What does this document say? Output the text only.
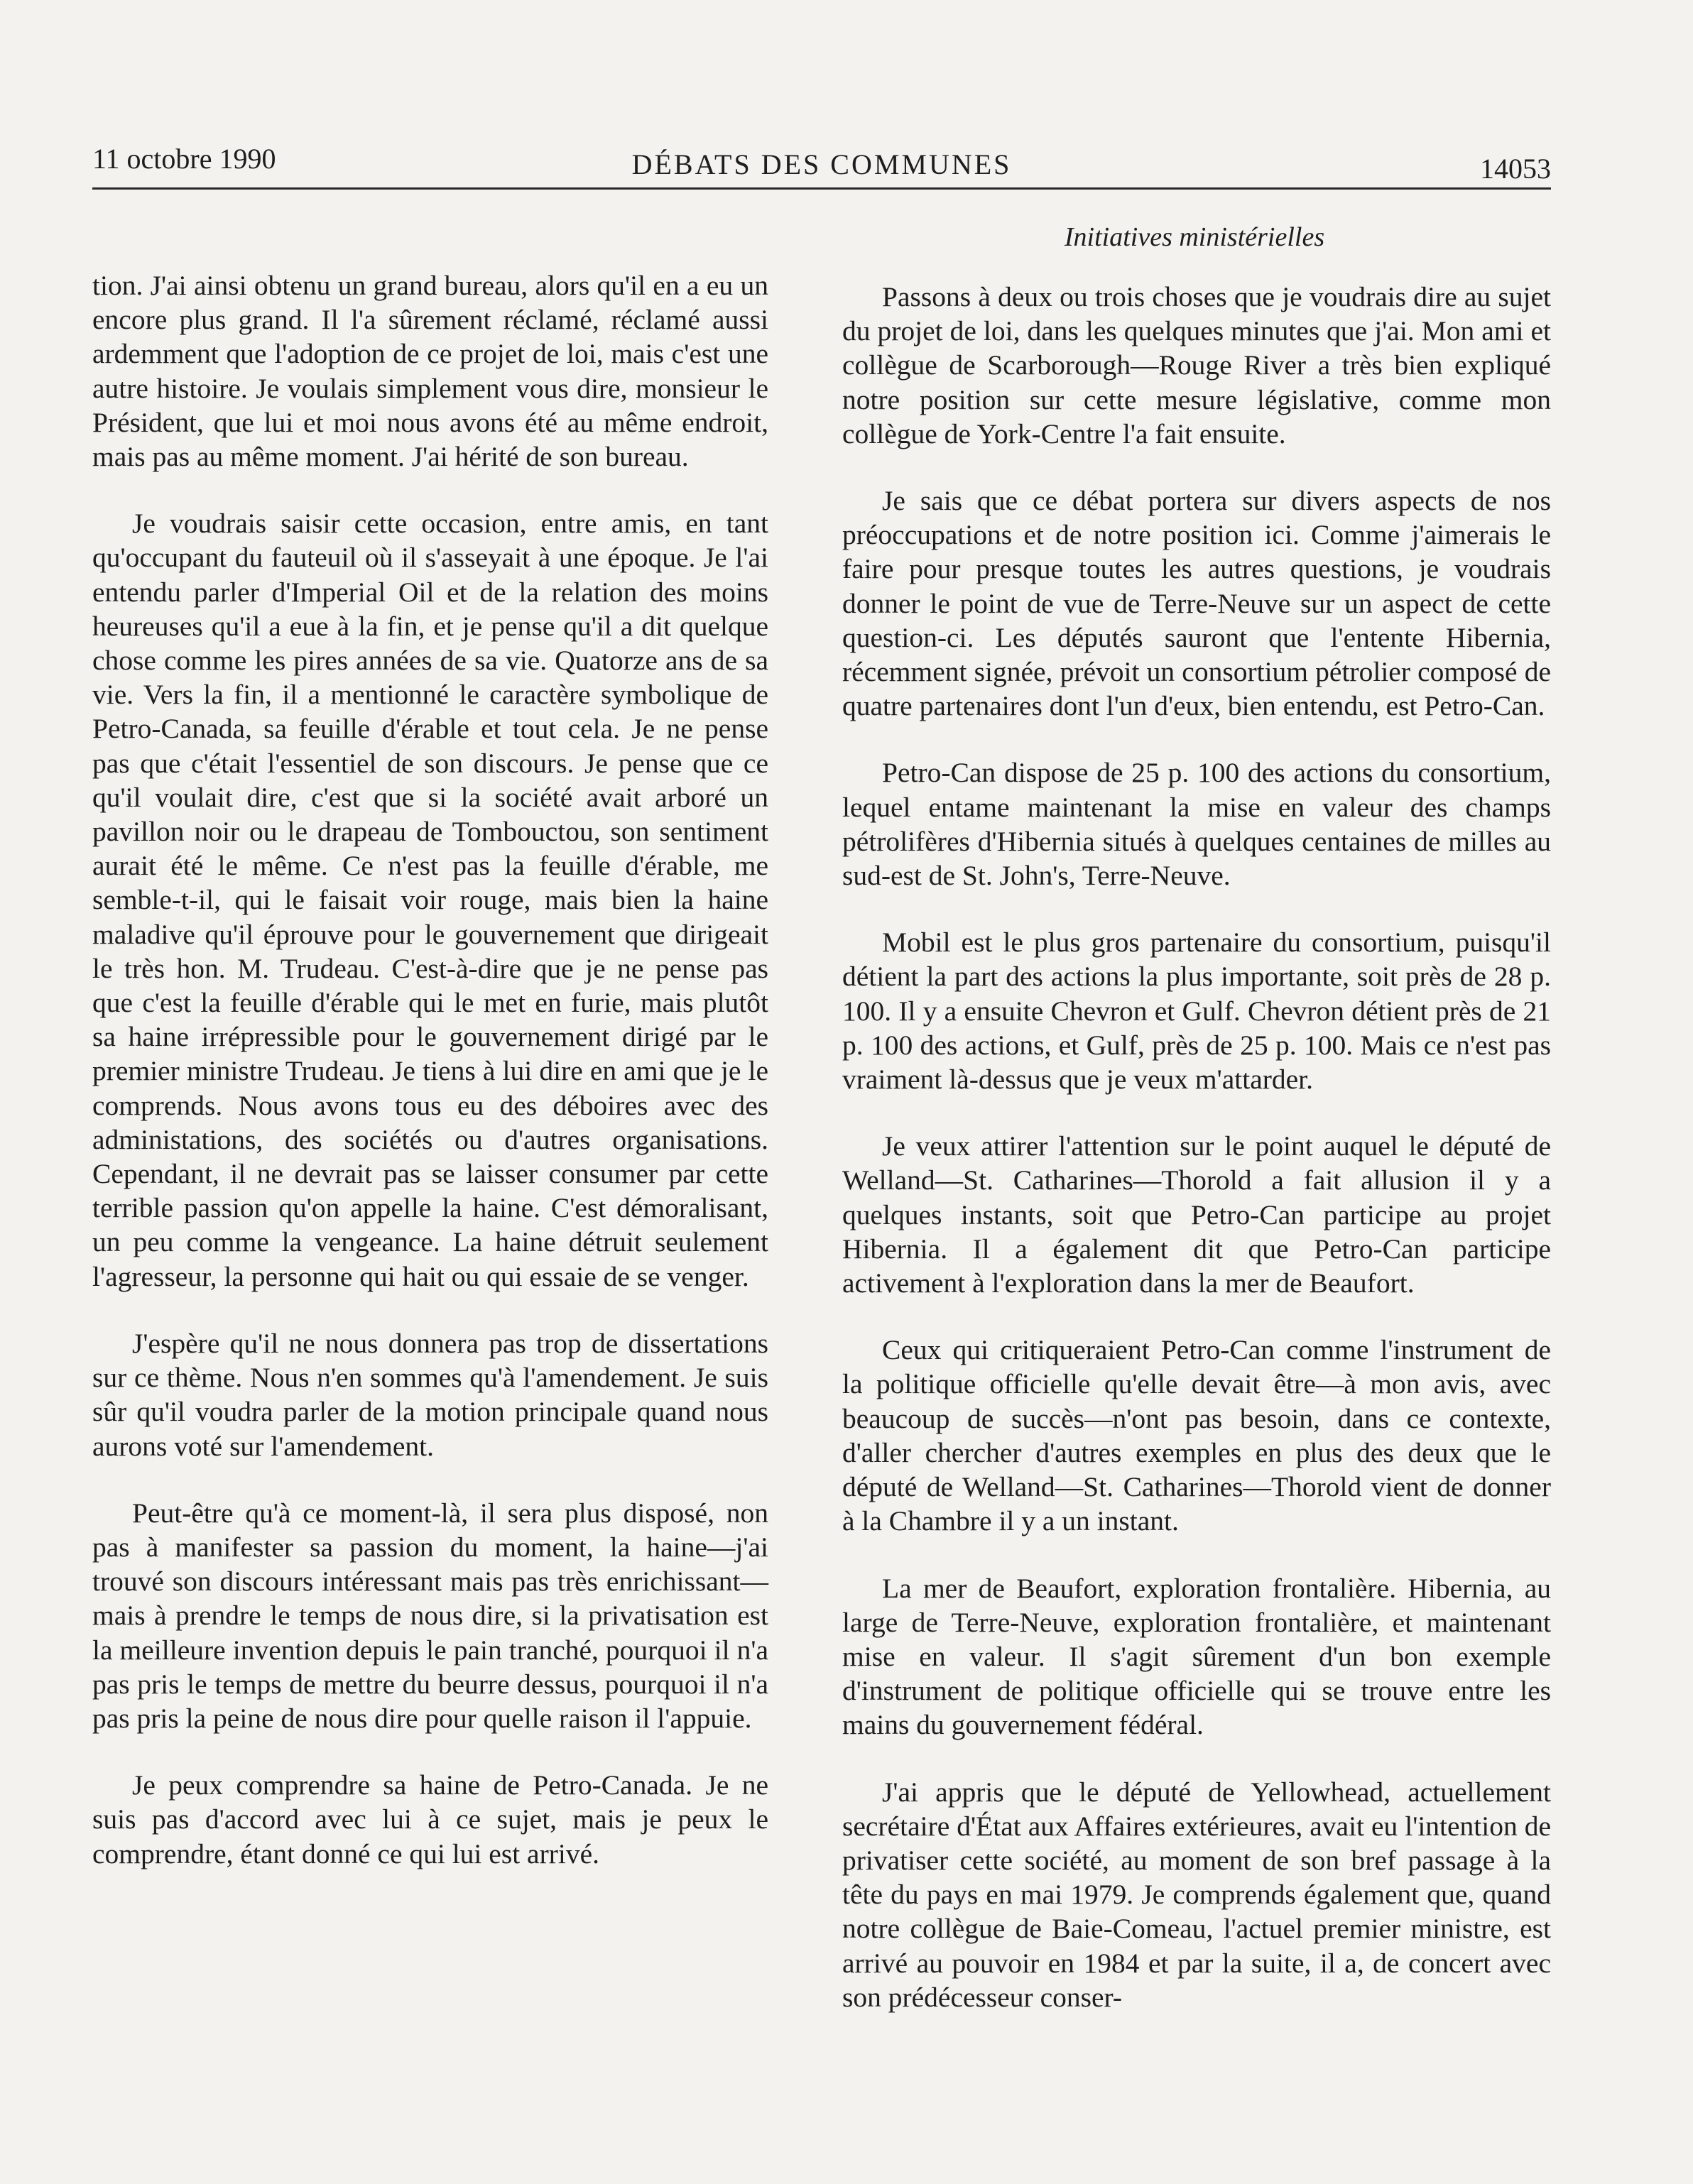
11 octobre 1990	DÉBATS DES COMMUNES	14053
Initiatives ministérielles

tion. J'ai ainsi obtenu un grand bureau, alors qu'il en a eu un encore plus grand. Il l'a sûrement réclamé, réclamé aussi ardemment que l'adoption de ce projet de loi, mais c'est une autre histoire. Je voulais simplement vous dire, monsieur le Président, que lui et moi nous avons été au même endroit, mais pas au même moment. J'ai hérité de son bureau.

Je voudrais saisir cette occasion, entre amis, en tant qu'occupant du fauteuil où il s'asseyait à une époque. Je l'ai entendu parler d'Imperial Oil et de la relation des moins heureuses qu'il a eue à la fin, et je pense qu'il a dit quelque chose comme les pires années de sa vie. Quatorze ans de sa vie. Vers la fin, il a mentionné le caractère symbolique de Petro-Canada, sa feuille d'érable et tout cela. Je ne pense pas que c'était l'essentiel de son discours. Je pense que ce qu'il voulait dire, c'est que si la société avait arboré un pavillon noir ou le drapeau de Tombouctou, son sentiment aurait été le même. Ce n'est pas la feuille d'érable, me semble-t-il, qui le faisait voir rouge, mais bien la haine maladive qu'il éprouve pour le gouvernement que dirigeait le très hon. M. Trudeau. C'est-à-dire que je ne pense pas que c'est la feuille d'érable qui le met en furie, mais plutôt sa haine irrépressible pour le gouvernement dirigé par le premier ministre Trudeau. Je tiens à lui dire en ami que je le comprends. Nous avons tous eu des déboires avec des administations, des sociétés ou d'autres organisations. Cependant, il ne devrait pas se laisser consumer par cette terrible passion qu'on appelle la haine. C'est démoralisant, un peu comme la vengeance. La haine détruit seulement l'agresseur, la personne qui hait ou qui essaie de se venger.

J'espère qu'il ne nous donnera pas trop de dissertations sur ce thème. Nous n'en sommes qu'à l'amendement. Je suis sûr qu'il voudra parler de la motion principale quand nous aurons voté sur l'amendement.

Peut-être qu'à ce moment-là, il sera plus disposé, non pas à manifester sa passion du moment, la haine—j'ai trouvé son discours intéressant mais pas très enrichissant—mais à prendre le temps de nous dire, si la privatisation est la meilleure invention depuis le pain tranché, pourquoi il n'a pas pris le temps de mettre du beurre dessus, pourquoi il n'a pas pris la peine de nous dire pour quelle raison il l'appuie.

Je peux comprendre sa haine de Petro-Canada. Je ne suis pas d'accord avec lui à ce sujet, mais je peux le comprendre, étant donné ce qui lui est arrivé.

Passons à deux ou trois choses que je voudrais dire au sujet du projet de loi, dans les quelques minutes que j'ai. Mon ami et collègue de Scarborough—Rouge River a très bien expliqué notre position sur cette mesure législative, comme mon collègue de York-Centre l'a fait ensuite.

Je sais que ce débat portera sur divers aspects de nos préoccupations et de notre position ici. Comme j'aimerais le faire pour presque toutes les autres questions, je voudrais donner le point de vue de Terre-Neuve sur un aspect de cette question-ci. Les députés sauront que l'entente Hibernia, récemment signée, prévoit un consortium pétrolier composé de quatre partenaires dont l'un d'eux, bien entendu, est Petro-Can.

Petro-Can dispose de 25 p. 100 des actions du consortium, lequel entame maintenant la mise en valeur des champs pétrolifères d'Hibernia situés à quelques centaines de milles au sud-est de St. John's, Terre-Neuve.

Mobil est le plus gros partenaire du consortium, puisqu'il détient la part des actions la plus importante, soit près de 28 p. 100. Il y a ensuite Chevron et Gulf. Chevron détient près de 21 p. 100 des actions, et Gulf, près de 25 p. 100. Mais ce n'est pas vraiment là-dessus que je veux m'attarder.

Je veux attirer l'attention sur le point auquel le député de Welland—St. Catharines—Thorold a fait allusion il y a quelques instants, soit que Petro-Can participe au projet Hibernia. Il a également dit que Petro-Can participe activement à l'exploration dans la mer de Beaufort.

Ceux qui critiqueraient Petro-Can comme l'instrument de la politique officielle qu'elle devait être—à mon avis, avec beaucoup de succès—n'ont pas besoin, dans ce contexte, d'aller chercher d'autres exemples en plus des deux que le député de Welland—St. Catharines—Thorold vient de donner à la Chambre il y a un instant.

La mer de Beaufort, exploration frontalière. Hibernia, au large de Terre-Neuve, exploration frontalière, et maintenant mise en valeur. Il s'agit sûrement d'un bon exemple d'instrument de politique officielle qui se trouve entre les mains du gouvernement fédéral.

J'ai appris que le député de Yellowhead, actuellement secrétaire d'État aux Affaires extérieures, avait eu l'intention de privatiser cette société, au moment de son bref passage à la tête du pays en mai 1979. Je comprends également que, quand notre collègue de Baie-Comeau, l'actuel premier ministre, est arrivé au pouvoir en 1984 et par la suite, il a, de concert avec son prédécesseur conser-
